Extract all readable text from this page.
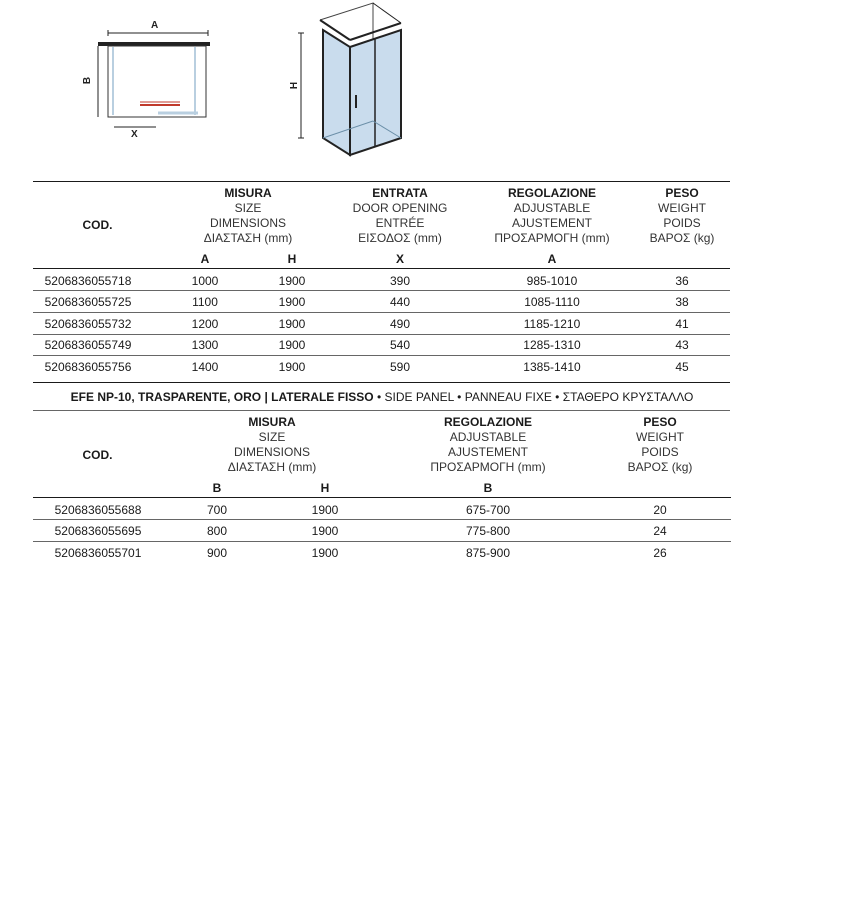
A
B
X
H
COD.
MISURA
SIZE
DIMENSIONS
ΔΙΑΣΤΑΣΗ (mm)
ENTRATA
DOOR OPENING
ENTRÉE
ΕΙΣΟΔΟΣ (mm)
REGOLAZIONE
ADJUSTABLE
AJUSTEMENT
ΠΡΟΣΑΡΜΟΓΗ (mm)
PESO
WEIGHT
POIDS
ΒΑΡΟΣ (kg)
A	H	X	A
5206836055718	1000	1900	390	985-1010	36
5206836055725	1100	1900	440	1085-1110	38
5206836055732	1200	1900	490	1185-1210	41
5206836055749	1300	1900	540	1285-1310	43
5206836055756	1400	1900	590	1385-1410	45
EFE NP-10, TRASPARENTE, ORO | LATERALE FISSO • SIDE PANEL • PANNEAU FIXE • ΣΤΑΘΕΡΟ ΚΡΥΣΤΑΛΛΟ
COD.
MISURA
SIZE
DIMENSIONS
ΔΙΑΣΤΑΣΗ (mm)
REGOLAZIONE
ADJUSTABLE
AJUSTEMENT
ΠΡΟΣΑΡΜΟΓΗ (mm)
PESO
WEIGHT
POIDS
ΒΑΡΟΣ (kg)
B	H	B
5206836055688	700	1900	675-700	20
5206836055695	800	1900	775-800	24
5206836055701	900	1900	875-900	26
